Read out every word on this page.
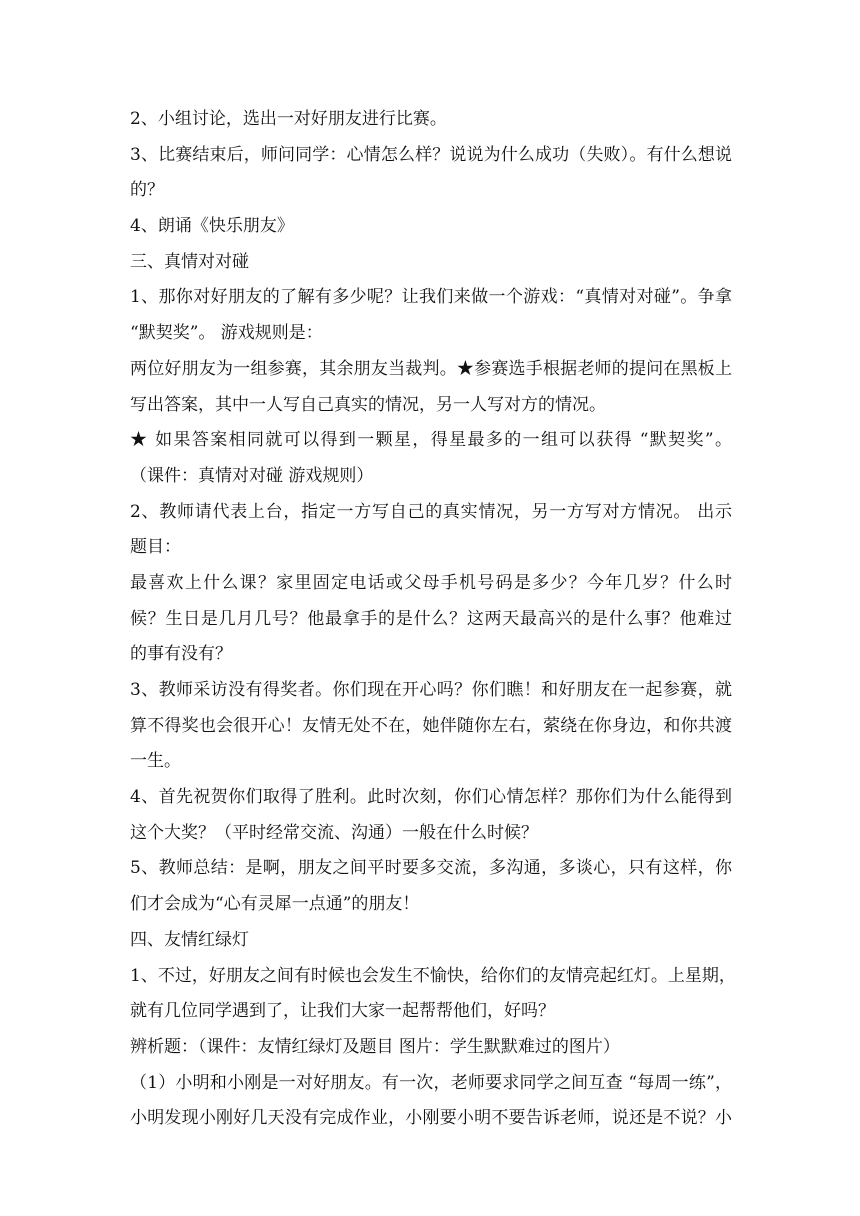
2、小组讨论，选出一对好朋友进行比赛。

3、比赛结束后，师问同学：心情怎么样？说说为什么成功（失败）。有什么想说

的？

4、朗诵《快乐朋友》

三、真情对对碰

1、那你对好朋友的了解有多少呢？让我们来做一个游戏：“真情对对碰”。争拿

“默契奖”。 游戏规则是：

两位好朋友为一组参赛，其余朋友当裁判。★参赛选手根据老师的提问在黑板上

写出答案，其中一人写自己真实的情况，另一人写对方的情况。

★ 如果答案相同就可以得到一颗星，得星最多的一组可以获得 “默契奖”。

（课件：真情对对碰 游戏规则）

2、教师请代表上台，指定一方写自己的真实情况，另一方写对方情况。 出示

题目：

最喜欢上什么课？家里固定电话或父母手机号码是多少？今年几岁？什么时

候？生日是几月几号？他最拿手的是什么？这两天最高兴的是什么事？他难过

的事有没有？

3、教师采访没有得奖者。你们现在开心吗？你们瞧！和好朋友在一起参赛，就

算不得奖也会很开心！友情无处不在，她伴随你左右，萦绕在你身边，和你共渡

一生。

4、首先祝贺你们取得了胜利。此时次刻，你们心情怎样？那你们为什么能得到

这个大奖？（平时经常交流、沟通）一般在什么时候？

5、教师总结：是啊，朋友之间平时要多交流，多沟通，多谈心，只有这样，你

们才会成为“心有灵犀一点通”的朋友！

四、友情红绿灯

1、不过，好朋友之间有时候也会发生不愉快，给你们的友情亮起红灯。上星期，

就有几位同学遇到了，让我们大家一起帮帮他们，好吗？

辨析题：（课件：友情红绿灯及题目 图片：学生默默难过的图片）

（1）小明和小刚是一对好朋友。有一次，老师要求同学之间互查 “每周一练”，

小明发现小刚好几天没有完成作业，小刚要小明不要告诉老师，说还是不说？小
